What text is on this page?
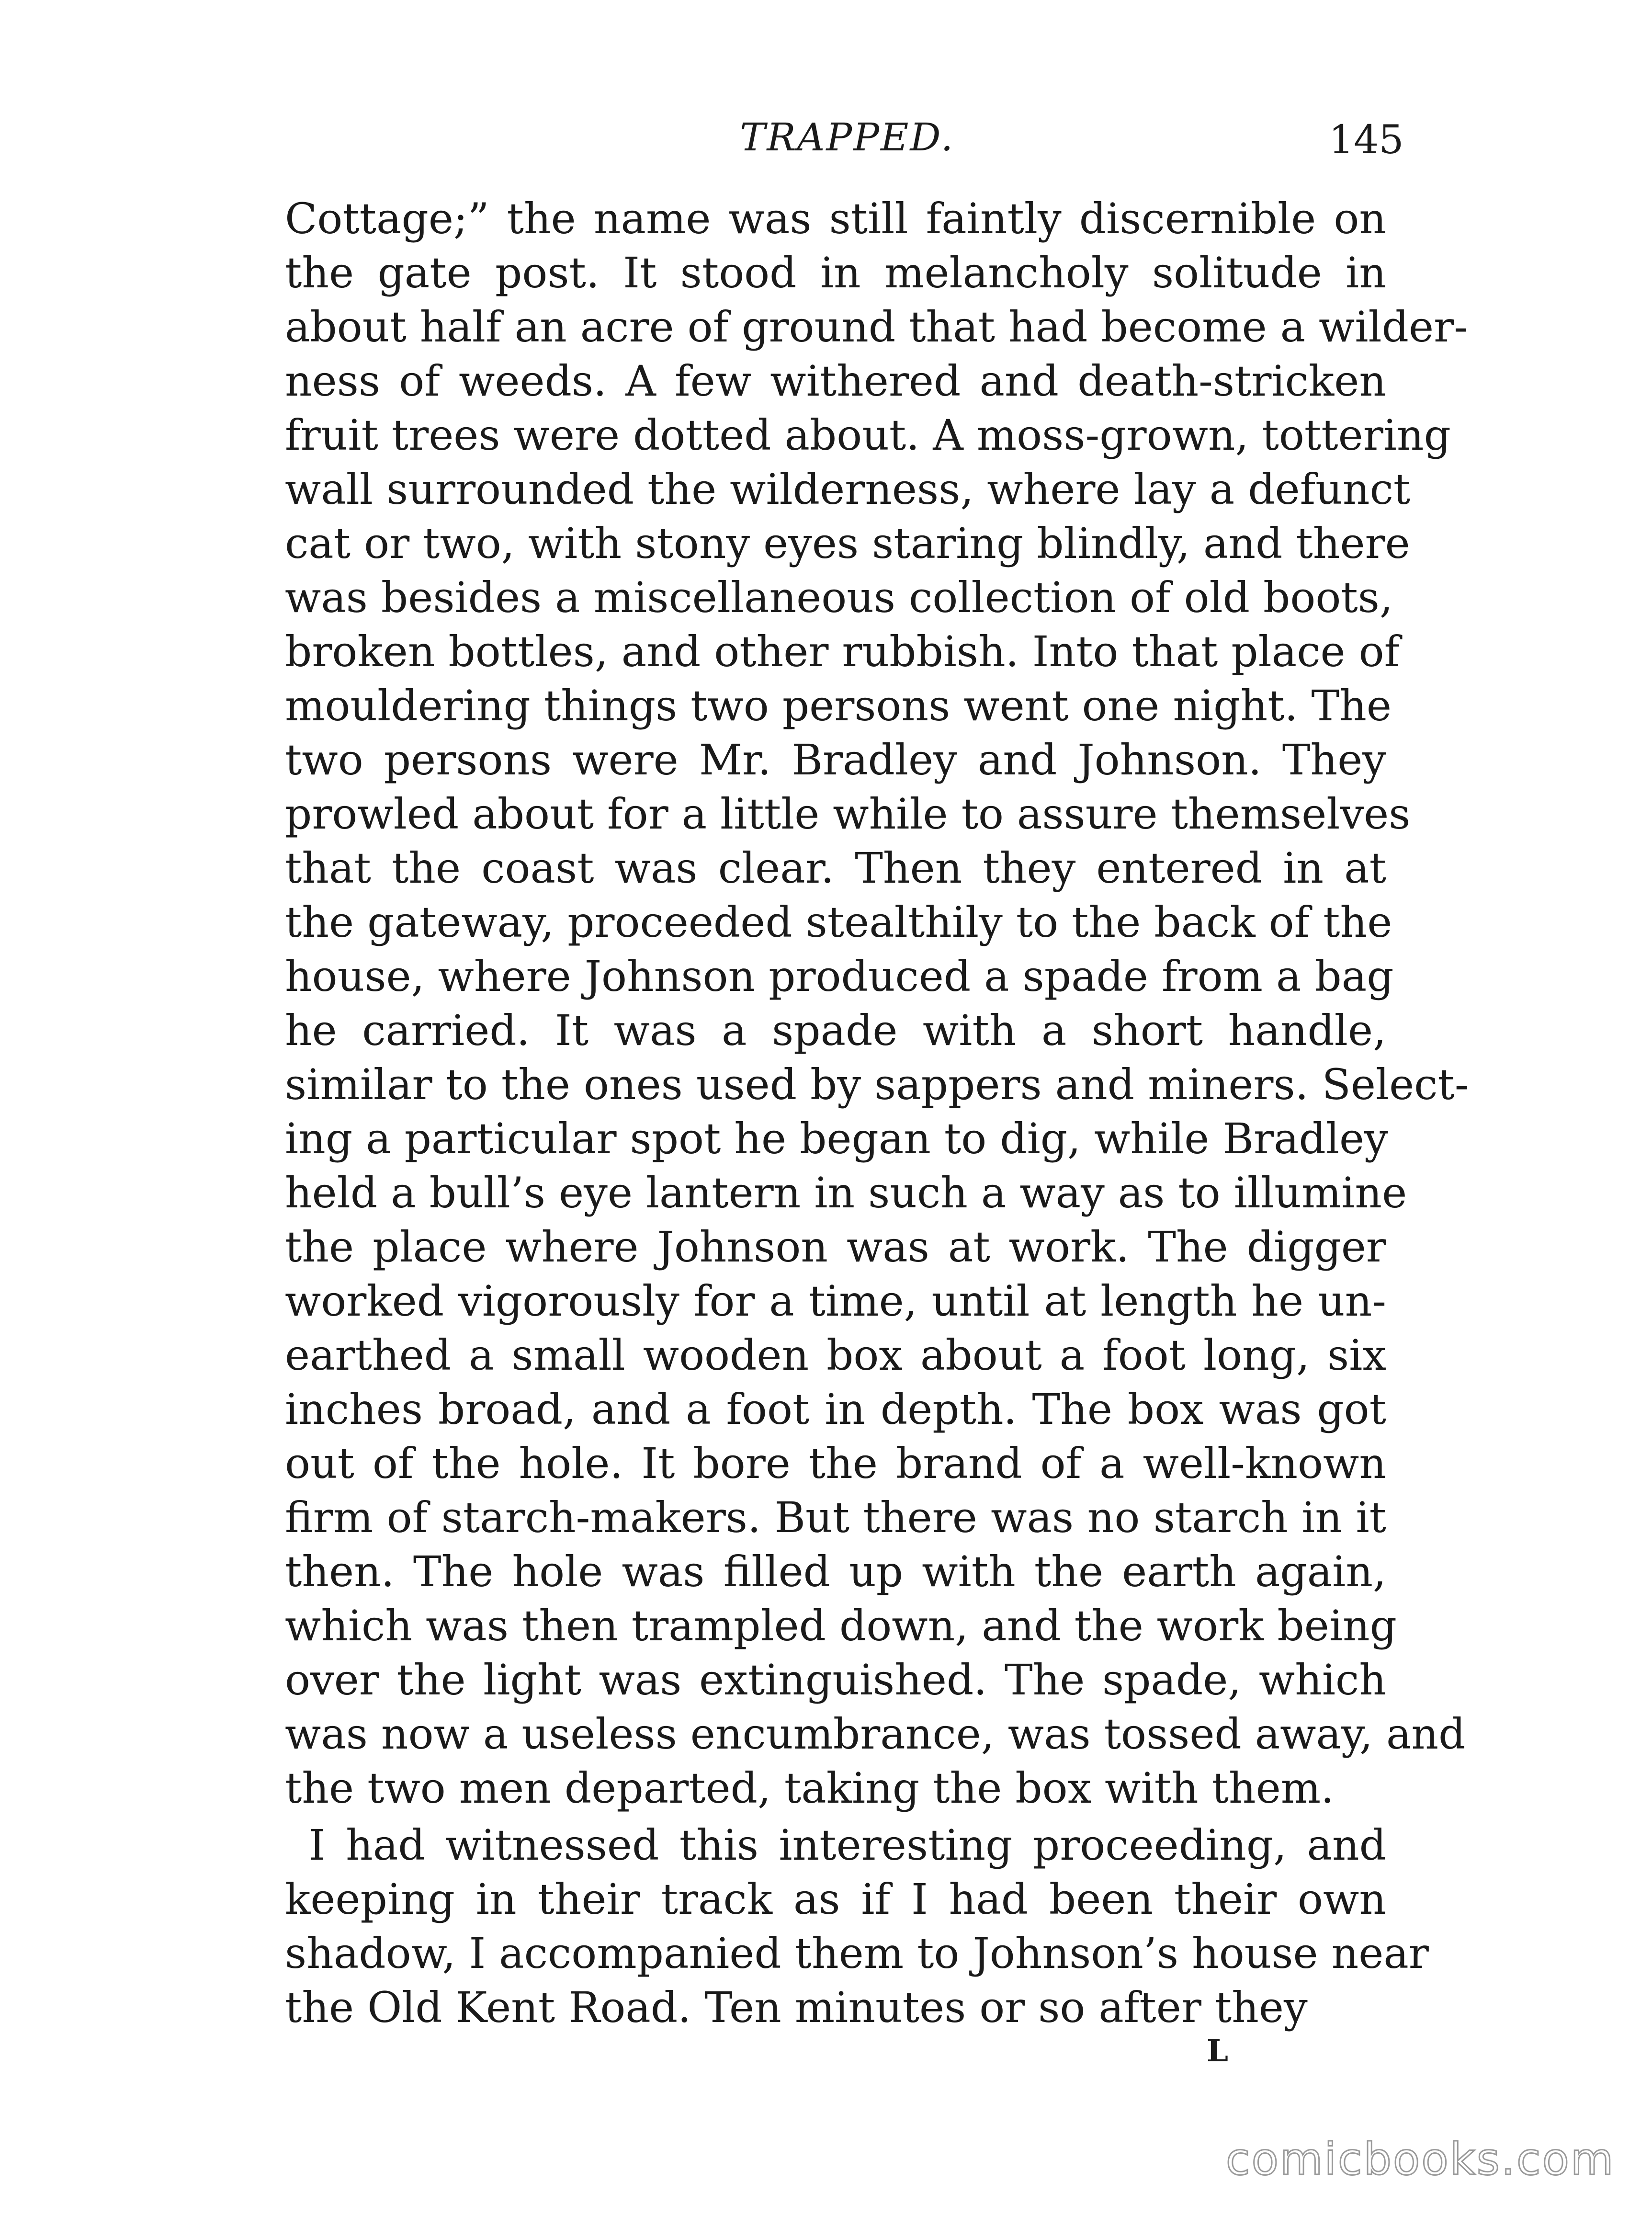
TRAPPED.	145
Cottage;” the name was still faintly discernible on
the gate post. It stood in melancholy solitude in
about half an acre of ground that had become a wilder-
ness of weeds. A few withered and death-stricken
fruit trees were dotted about. A moss-grown, tottering
wall surrounded the wilderness, where lay a defunct
cat or two, with stony eyes staring blindly, and there
was besides a miscellaneous collection of old boots,
broken bottles, and other rubbish. Into that place of
mouldering things two persons went one night. The
two persons were Mr. Bradley and Johnson. They
prowled about for a little while to assure themselves
that the coast was clear. Then they entered in at
the gateway, proceeded stealthily to the back of the
house, where Johnson produced a spade from a bag
he carried. It was a spade with a short handle,
similar to the ones used by sappers and miners. Select-
ing a particular spot he began to dig, while Bradley
held a bull’s eye lantern in such a way as to illumine
the place where Johnson was at work. The digger
worked vigorously for a time, until at length he un-
earthed a small wooden box about a foot long, six
inches broad, and a foot in depth. The box was got
out of the hole. It bore the brand of a well-known
firm of starch-makers. But there was no starch in it
then. The hole was filled up with the earth again,
which was then trampled down, and the work being
over the light was extinguished. The spade, which
was now a useless encumbrance, was tossed away, and
the two men departed, taking the box with them.
I had witnessed this interesting proceeding, and
keeping in their track as if I had been their own
shadow, I accompanied them to Johnson’s house near
the Old Kent Road. Ten minutes or so after they
L
comicbooks.com
